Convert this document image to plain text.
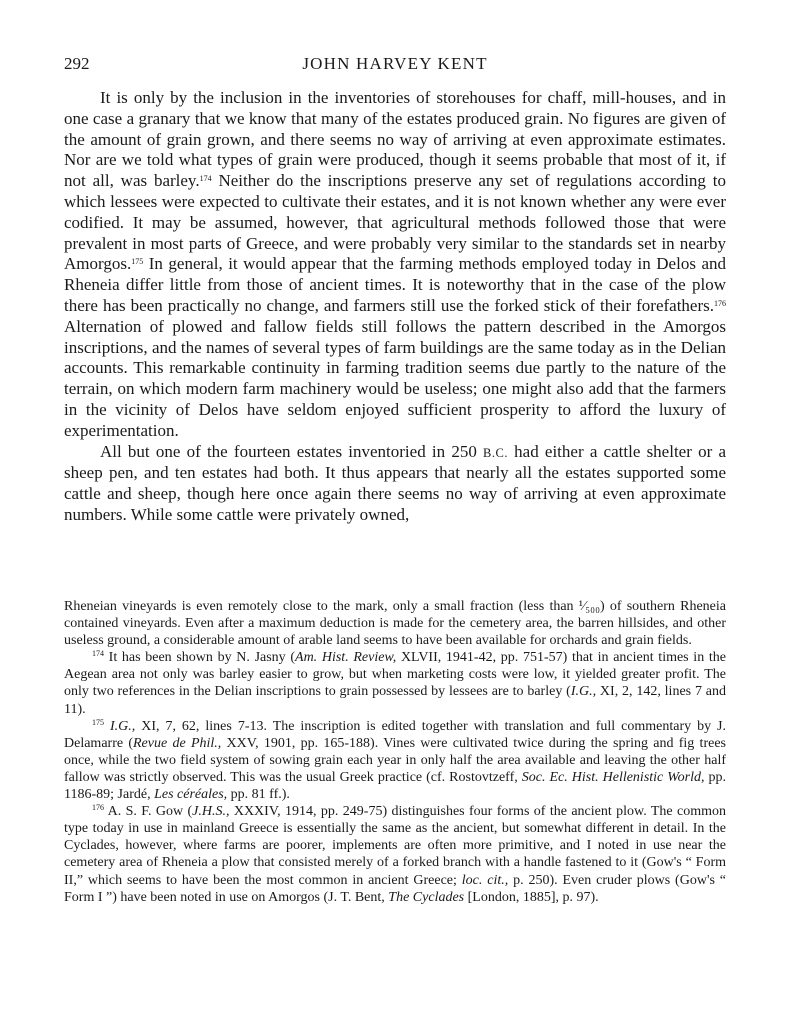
292	JOHN HARVEY KENT

It is only by the inclusion in the inventories of storehouses for chaff, mill-houses, and in one case a granary that we know that many of the estates produced grain. No figures are given of the amount of grain grown, and there seems no way of arriving at even approximate estimates. Nor are we told what types of grain were produced, though it seems probable that most of it, if not all, was barley.$^{174}$ Neither do the inscriptions preserve any set of regulations according to which lessees were expected to cultivate their estates, and it is not known whether any were ever codified. It may be assumed, however, that agricultural methods followed those that were prevalent in most parts of Greece, and were probably very similar to the standards set in nearby Amorgos.$^{175}$ In general, it would appear that the farming methods employed today in Delos and Rheneia differ little from those of ancient times. It is noteworthy that in the case of the plow there has been practically no change, and farmers still use the forked stick of their forefathers.$^{176}$ Alternation of plowed and fallow fields still follows the pattern described in the Amorgos inscriptions, and the names of several types of farm buildings are the same today as in the Delian accounts. This remarkable continuity in farming tradition seems due partly to the nature of the terrain, on which modern farm machinery would be useless; one might also add that the farmers in the vicinity of Delos have seldom enjoyed sufficient prosperity to afford the luxury of experimentation.

All but one of the fourteen estates inventoried in 250 B.C. had either a cattle shelter or a sheep pen, and ten estates had both. It thus appears that nearly all the estates supported some cattle and sheep, though here once again there seems no way of arriving at even approximate numbers. While some cattle were privately owned,

Rheneian vineyards is even remotely close to the mark, only a small fraction (less than ¹⁄₅₀₀) of southern Rheneia contained vineyards. Even after a maximum deduction is made for the cemetery area, the barren hillsides, and other useless ground, a considerable amount of arable land seems to have been available for orchards and grain fields.

$^{174}$ It has been shown by N. Jasny (Am. Hist. Review, XLVII, 1941-42, pp. 751-57) that in ancient times in the Aegean area not only was barley easier to grow, but when marketing costs were low, it yielded greater profit. The only two references in the Delian inscriptions to grain possessed by lessees are to barley (I.G., XI, 2, 142, lines 7 and 11).

$^{175}$ I.G., XI, 7, 62, lines 7-13. The inscription is edited together with translation and full commentary by J. Delamarre (Revue de Phil., XXV, 1901, pp. 165-188). Vines were cultivated twice during the spring and fig trees once, while the two field system of sowing grain each year in only half the area available and leaving the other half fallow was strictly observed. This was the usual Greek practice (cf. Rostovtzeff, Soc. Ec. Hist. Hellenistic World, pp. 1186-89; Jardé, Les céréales, pp. 81 ff.).

$^{176}$ A. S. F. Gow (J.H.S., XXXIV, 1914, pp. 249-75) distinguishes four forms of the ancient plow. The common type today in use in mainland Greece is essentially the same as the ancient, but somewhat different in detail. In the Cyclades, however, where farms are poorer, implements are often more primitive, and I noted in use near the cemetery area of Rheneia a plow that consisted merely of a forked branch with a handle fastened to it (Gow's “ Form II,” which seems to have been the most common in ancient Greece; loc. cit., p. 250). Even cruder plows (Gow's “ Form I ”) have been noted in use on Amorgos (J. T. Bent, The Cyclades [London, 1885], p. 97).
